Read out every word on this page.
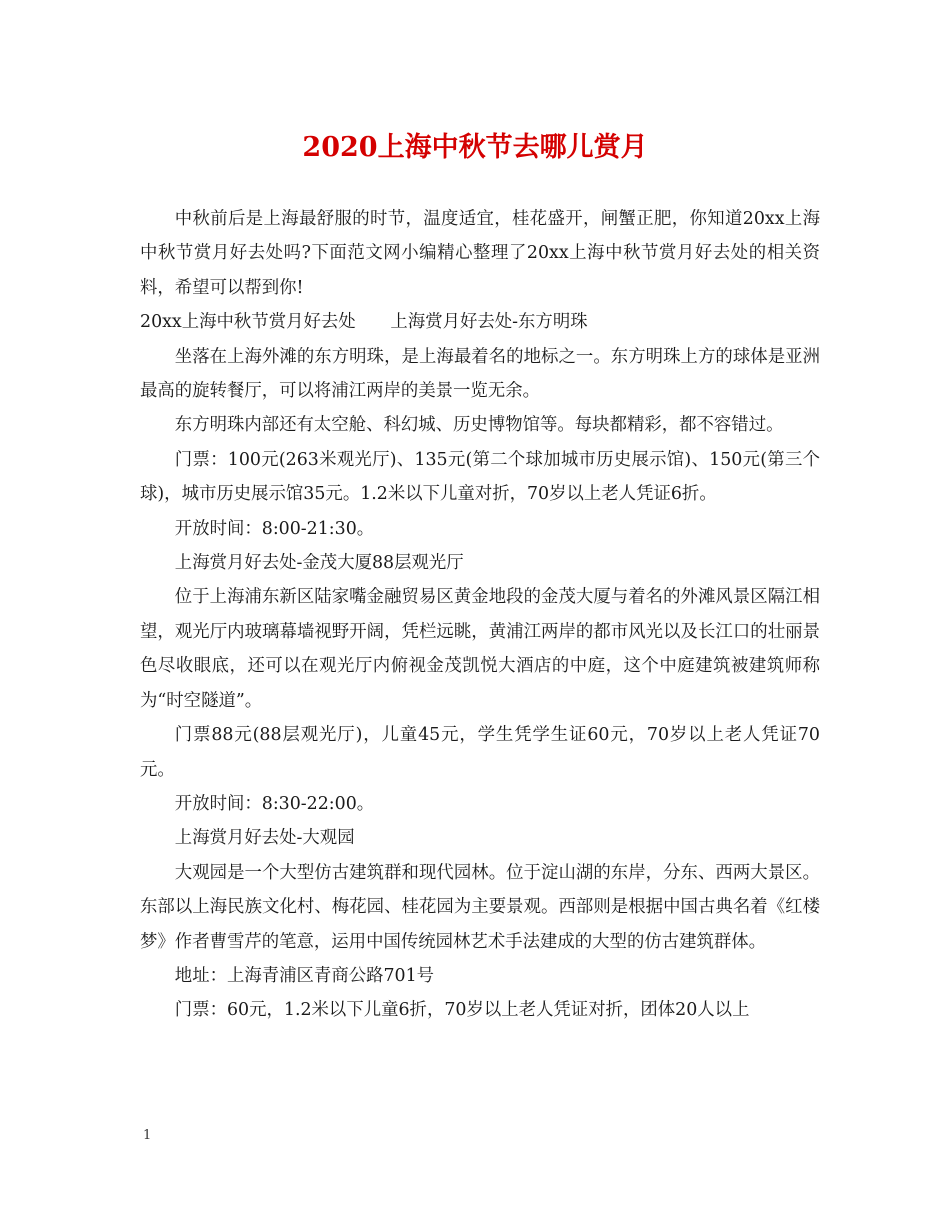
2020上海中秋节去哪儿赏月

中秋前后是上海最舒服的时节，温度适宜，桂花盛开，闸蟹正肥，你知道20xx上海中秋节赏月好去处吗?下面范文网小编精心整理了20xx上海中秋节赏月好去处的相关资料，希望可以帮到你!

20xx上海中秋节赏月好去处　　上海赏月好去处-东方明珠

坐落在上海外滩的东方明珠，是上海最着名的地标之一。东方明珠上方的球体是亚洲最高的旋转餐厅，可以将浦江两岸的美景一览无余。

东方明珠内部还有太空舱、科幻城、历史博物馆等。每块都精彩，都不容错过。

门票：100元(263米观光厅)、135元(第二个球加城市历史展示馆)、150元(第三个球)，城市历史展示馆35元。1.2米以下儿童对折，70岁以上老人凭证6折。

开放时间：8:00-21:30。

上海赏月好去处-金茂大厦88层观光厅

位于上海浦东新区陆家嘴金融贸易区黄金地段的金茂大厦与着名的外滩风景区隔江相望，观光厅内玻璃幕墙视野开阔，凭栏远眺，黄浦江两岸的都市风光以及长江口的壮丽景色尽收眼底，还可以在观光厅内俯视金茂凯悦大酒店的中庭，这个中庭建筑被建筑师称为“时空隧道”。

门票88元(88层观光厅)，儿童45元，学生凭学生证60元，70岁以上老人凭证70元。

开放时间：8:30-22:00。

上海赏月好去处-大观园

大观园是一个大型仿古建筑群和现代园林。位于淀山湖的东岸，分东、西两大景区。东部以上海民族文化村、梅花园、桂花园为主要景观。西部则是根据中国古典名着《红楼梦》作者曹雪芹的笔意，运用中国传统园林艺术手法建成的大型的仿古建筑群体。

地址：上海青浦区青商公路701号

门票：60元，1.2米以下儿童6折，70岁以上老人凭证对折，团体20人以上

1
